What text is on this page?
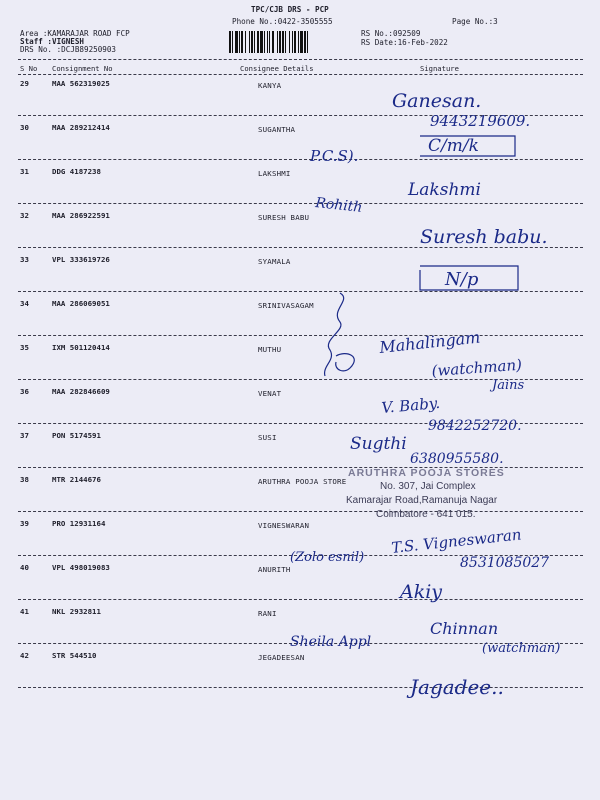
TPC/CJB DRS - PCP
Phone No.:0422-3505555	Page No.:3
Area :KAMARAJAR ROAD FCP
Staff :VIGNESH
DRS No. :DCJB89250903
RS No.:092509
RS Date:16-Feb-2022
S No Consignment No	Consignee Details	Signature
29	MAA 562319025	KANYA
30	MAA 289212414	SUGANTHA
31	DDG 4187238	LAKSHMI
32	MAA 286922591	SURESH BABU
33	VPL 333619726	SYAMALA
34	MAA 286069051	SRINIVASAGAM
35	IXM 501120414	MUTHU
36	MAA 282846609	VENAT
37	PON 5174591	SUSI
38	MTR 2144676	ARUTHRA POOJA STORE
39	PRO 12931164	VIGNESWARAN
40	VPL 498019083	ANURITH
41	NKL 2932811	RANI
42	STR 544510	JEGADEESAN
ARUTHRA POOJA STORES
No. 307, Jai Complex
Kamarajar Road,Ramanuja Nagar
Coimbatore - 641 015.
Ganesan.
9443219609.
P.C.S).	C/m/k
Lakshmi
Rohith
Suresh babu.
N/p
Mahalingam
(watchman)
Jains
V. Baby.
9842252720.
Sugthi
6380955580.
T.S. Vigneswaran
(Zolo esnil)	8531085027
Akiy
Sheila Appl
Chinnan
(watchman)
Jagadee..
